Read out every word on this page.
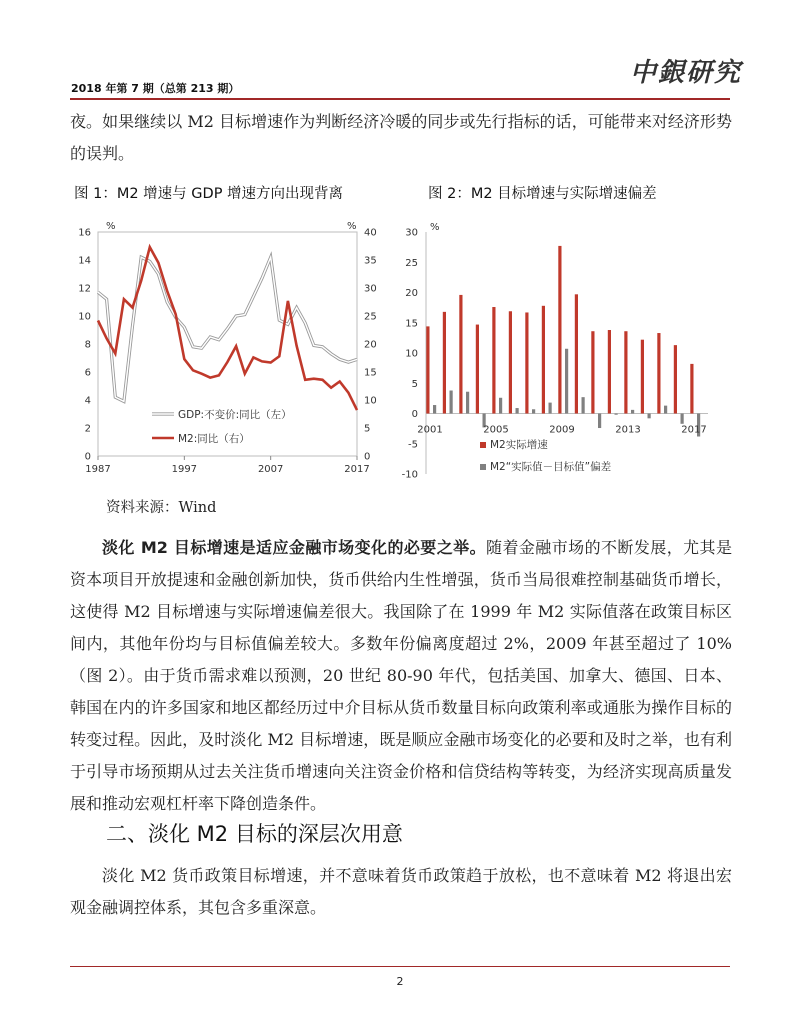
2018 年第 7 期（总第 213 期）
中銀研究
夜。如果继续以 M2 目标增速作为判断经济冷暖的同步或先行指标的话，可能带来对经济形势的误判。
图 1：M2 增速与 GDP 增速方向出现背离	图 2：M2 目标增速与实际增速偏差
%	%
0
2
4
6
8
10
12
14
16
0
5
10
15
20
25
30
35
40
1987	1997	2007	2017
GDP:不变价:同比（左）
M2:同比（右）
%
-10
-5
0
5
10
15
20
25
30
2001	2005	2009	2013	2017
M2实际增速
M2“实际值－目标值”偏差
资料来源：Wind
淡化 M2 目标增速是适应金融市场变化的必要之举。随着金融市场的不断发展，尤其是资本项目开放提速和金融创新加快，货币供给内生性增强，货币当局很难控制基础货币增长，这使得 M2 目标增速与实际增速偏差很大。我国除了在 1999 年 M2 实际值落在政策目标区间内，其他年份均与目标值偏差较大。多数年份偏离度超过 2%，2009 年甚至超过了 10%（图 2）。由于货币需求难以预测，20 世纪 80-90 年代，包括美国、加拿大、德国、日本、韩国在内的许多国家和地区都经历过中介目标从货币数量目标向政策利率或通胀为操作目标的转变过程。因此，及时淡化 M2 目标增速，既是顺应金融市场变化的必要和及时之举，也有利于引导市场预期从过去关注货币增速向关注资金价格和信贷结构等转变，为经济实现高质量发展和推动宏观杠杆率下降创造条件。
二、淡化 M2 目标的深层次用意
淡化 M2 货币政策目标增速，并不意味着货币政策趋于放松，也不意味着 M2 将退出宏观金融调控体系，其包含多重深意。
2
